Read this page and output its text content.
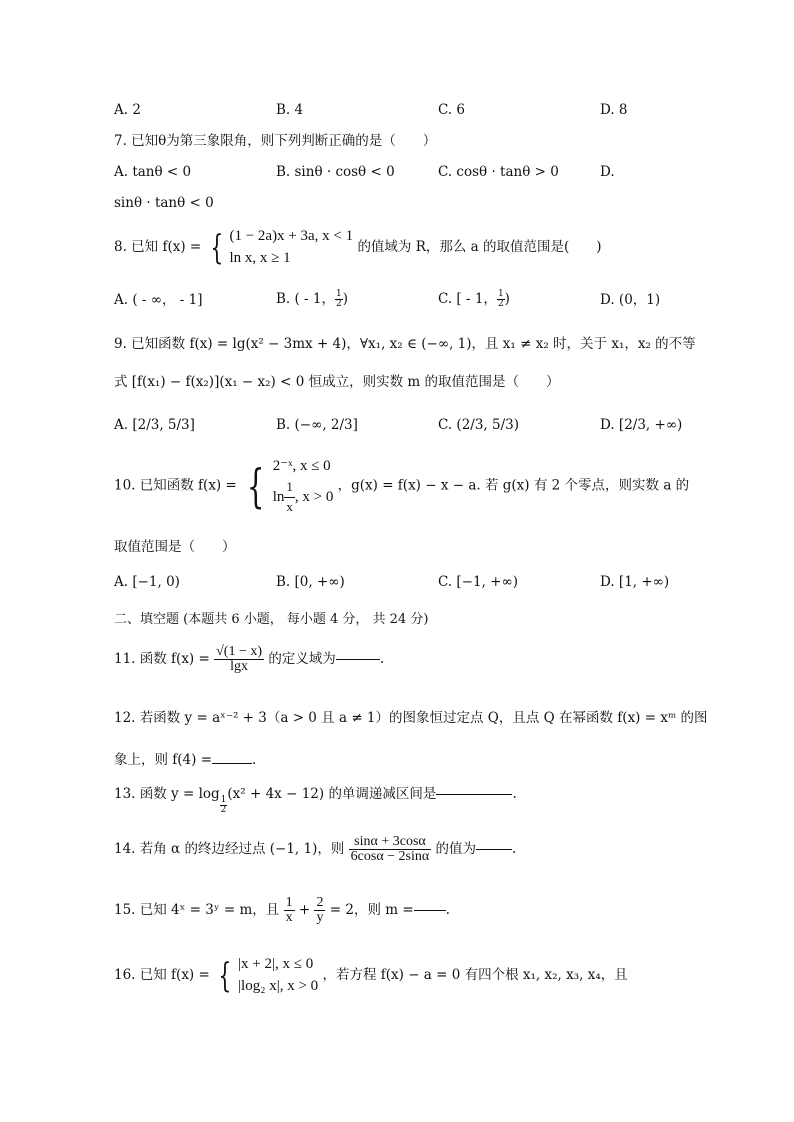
A. 2	B. 4	C. 6	D. 8
7. 已知θ为第三象限角，则下列判断正确的是（　　）
A. tanθ < 0	B. sinθ · cosθ < 0	C. cosθ · tanθ > 0	D.
sinθ · tanθ < 0
8. 已知 f(x) = { (1 − 2a)x + 3a, x < 1
ln x, x ≥ 1
的值域为 R，那么 a 的取值范围是(　　)
A. ( - ∞， - 1]	B. ( - 1， $\frac{1}{2}$)	C. [ - 1， $\frac{1}{2}$)	D. (0，1)
9. 已知函数 f(x) = lg(x² − 3mx + 4)，∀x₁, x₂ ∈ (−∞, 1)，且 x₁ ≠ x₂ 时，关于 x₁，x₂ 的不等
式 [f(x₁) − f(x₂)](x₁ − x₂) < 0 恒成立，则实数 m 的取值范围是（　　）
A. [2/3, 5/3]	B. (−∞, 2/3]	C. (2/3, 5/3)	D. [2/3, +∞)
10. 已知函数 f(x) = { 2⁻ˣ, x ≤ 0
$\ln \frac{1}{x}$ , x > 0
，g(x) = f(x) − x − a. 若 g(x) 有 2 个零点，则实数 a 的
取值范围是（　　）
A. [−1, 0)	B. [0, +∞)	C. [−1, +∞)	D. [1, +∞)
二、填空题 (本题共 6 小题， 每小题 4 分， 共 24 分)
11. 函数 $f(x) = \frac{√(1 - x)}{\lg x}$ 的定义域为	.
12. 若函数 y = aˣ⁻² + 3（a > 0 且 a ≠ 1）的图象恒过定点 Q，且点 Q 在幂函数 f(x) = xᵐ 的图
象上，则 f(4) =	.
13. 函数 y = log
$\frac{1}{2}(x^2 + 4x - 12)$ 的单调递减区间是	.
14. 若角 α 的终边经过点 (−1, 1)，则 $\frac{\sin\alpha + 3\cos\alpha}{6\cos\alpha - 2\sin\alpha}$ 的值为	.
15. 已知 4ˣ = 3ʸ = m，且 $\frac{1}{x} + \frac{2}{y} = 2$，则 m = .
16. 已知 f(x) = { |x + 2|, x ≤ 0
|log₂ x|, x > 0
，若方程 f(x) − a = 0 有四个根 x₁, x₂, x₃, x₄，且
